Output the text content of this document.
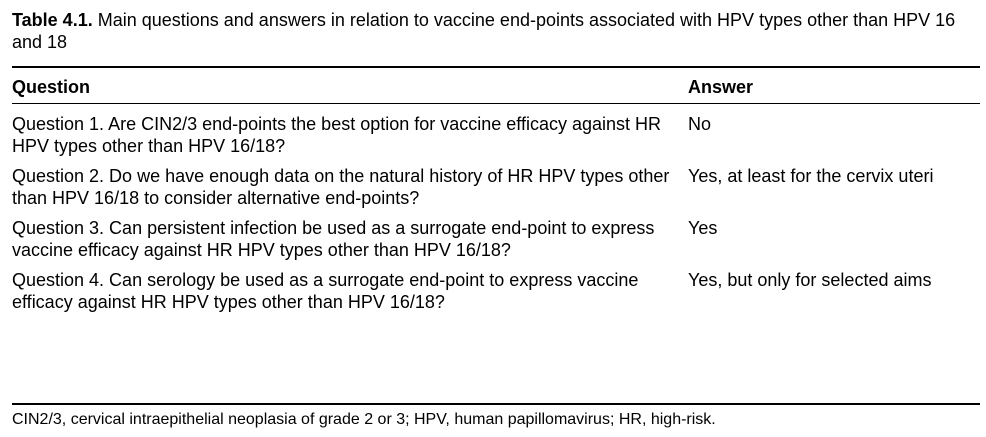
Table 4.1. Main questions and answers in relation to vaccine end-points associated with HPV types other than HPV 16 and 18
Question	Answer
Question 1. Are CIN2/3 end-points the best option for vaccine efficacy against HR HPV types other than HPV 16/18?
No
Question 2. Do we have enough data on the natural history of HR HPV types other than HPV 16/18 to consider alternative end-points?
Yes, at least for the cervix uteri
Question 3. Can persistent infection be used as a surrogate end-point to express vaccine efficacy against HR HPV types other than HPV 16/18?
Yes
Question 4. Can serology be used as a surrogate end-point to express vaccine efficacy against HR HPV types other than HPV 16/18?
Yes, but only for selected aims
CIN2/3, cervical intraepithelial neoplasia of grade 2 or 3; HPV, human papillomavirus; HR, high-risk.
